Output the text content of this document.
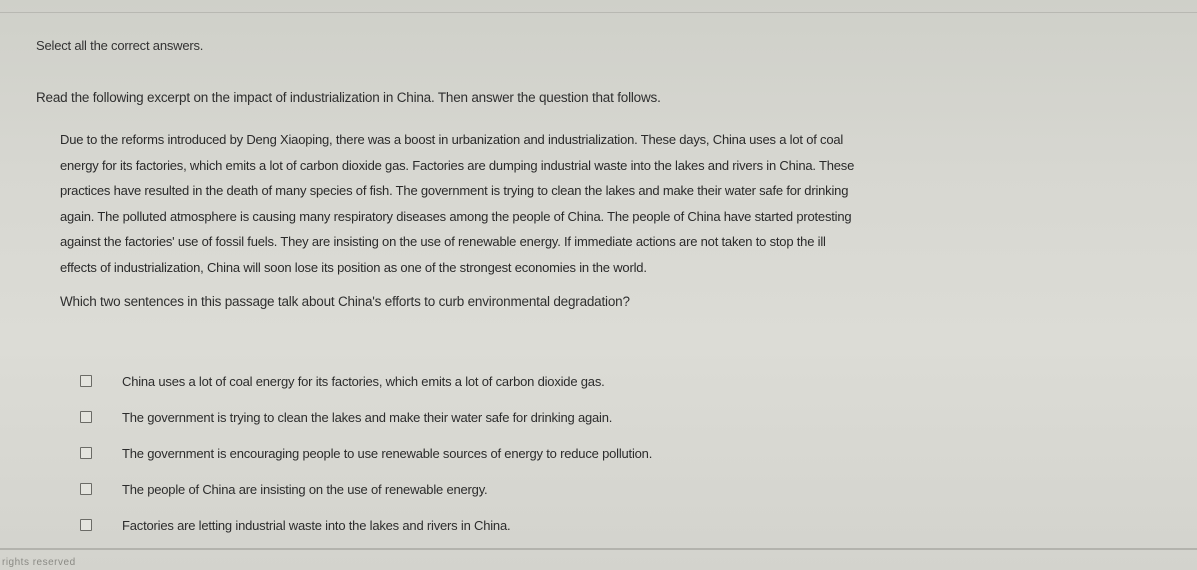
Select all the correct answers.
Read the following excerpt on the impact of industrialization in China. Then answer the question that follows.
Due to the reforms introduced by Deng Xiaoping, there was a boost in urbanization and industrialization. These days, China uses a lot of coal
energy for its factories, which emits a lot of carbon dioxide gas. Factories are dumping industrial waste into the lakes and rivers in China. These
practices have resulted in the death of many species of fish. The government is trying to clean the lakes and make their water safe for drinking
again. The polluted atmosphere is causing many respiratory diseases among the people of China. The people of China have started protesting
against the factories' use of fossil fuels. They are insisting on the use of renewable energy. If immediate actions are not taken to stop the ill
effects of industrialization, China will soon lose its position as one of the strongest economies in the world.
Which two sentences in this passage talk about China's efforts to curb environmental degradation?
China uses a lot of coal energy for its factories, which emits a lot of carbon dioxide gas.
The government is trying to clean the lakes and make their water safe for drinking again.
The government is encouraging people to use renewable sources of energy to reduce pollution.
The people of China are insisting on the use of renewable energy.
Factories are letting industrial waste into the lakes and rivers in China.
rights reserved
